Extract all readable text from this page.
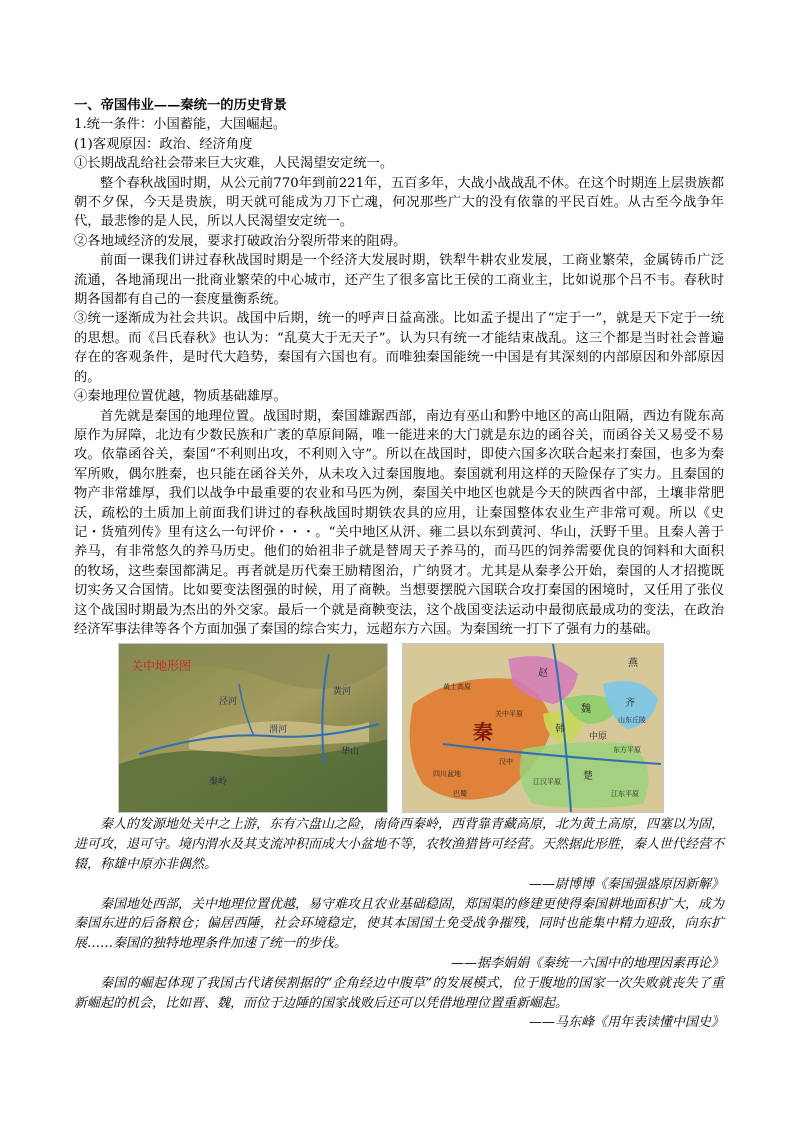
一、帝国伟业——秦统一的历史背景

1.统一条件：小国蓄能，大国崛起。

(1)客观原因：政治、经济角度

①长期战乱给社会带来巨大灾难，人民渴望安定统一。

整个春秋战国时期，从公元前770年到前221年，五百多年，大战小战战乱不休。在这个时期连上层贵族都朝不夕保，今天是贵族，明天就可能成为刀下亡魂，何况那些广大的没有依靠的平民百姓。从古至今战争年代，最悲惨的是人民，所以人民渴望安定统一。

②各地域经济的发展，要求打破政治分裂所带来的阻碍。

前面一课我们讲过春秋战国时期是一个经济大发展时期，铁犁牛耕农业发展，工商业繁荣，金属铸币广泛流通，各地涌现出一批商业繁荣的中心城市，还产生了很多富比王侯的工商业主，比如说那个吕不韦。春秋时期各国都有自己的一套度量衡系统。

③统一逐渐成为社会共识。战国中后期，统一的呼声日益高涨。比如孟子提出了“定于一”，就是天下定于一统的思想。而《吕氏春秋》也认为：“乱莫大于无天子”。认为只有统一才能结束战乱。这三个都是当时社会普遍存在的客观条件，是时代大趋势，秦国有六国也有。而唯独秦国能统一中国是有其深刻的内部原因和外部原因的。

④秦地理位置优越，物质基础雄厚。

首先就是秦国的地理位置。战国时期，秦国雄踞西部，南边有巫山和黔中地区的高山阻隔，西边有陇东高原作为屏障，北边有少数民族和广袤的草原间隔，唯一能进来的大门就是东边的函谷关，而函谷关又易受不易攻。依靠函谷关，秦国“不利则出攻，不利则入守”。所以在战国时，即使六国多次联合起来打秦国，也多为秦军所败，偶尔胜秦，也只能在函谷关外，从未攻入过秦国腹地。秦国就利用这样的天险保存了实力。且秦国的物产非常雄厚，我们以战争中最重要的农业和马匹为例，秦国关中地区也就是今天的陕西省中部，土壤非常肥沃，疏松的土质加上前面我们讲过的春秋战国时期铁农具的应用，让秦国整体农业生产非常可观。所以《史记・货殖列传》里有这么一句评价・・・。“关中地区从汧、雍二县以东到黄河、华山，沃野千里。且秦人善于养马，有非常悠久的养马历史。他们的始祖非子就是替周天子养马的，而马匹的饲养需要优良的饲料和大面积的牧场，这些秦国都满足。再者就是历代秦王励精图治，广纳贤才。尤其是从秦孝公开始，秦国的人才招揽既切实务又合国情。比如要变法图强的时候，用了商鞅。当想要摆脱六国联合攻打秦国的困境时，又任用了张仪这个战国时期最为杰出的外交家。最后一个就是商鞅变法，这个战国变法运动中最彻底最成功的变法，在政治经济军事法律等各个方面加强了秦国的综合实力，远超东方六国。为秦国统一打下了强有力的基础。

关中地形图
黄河
渭河
泾河
华山
秦岭
秦	韩
魏
赵
楚
齐
燕
中原
关中平原
四川盆地
汉中
黄土高原
东方平原
江汉平原
巴蜀
山东丘陵
江东平原

秦人的发源地处关中之上游，东有六盘山之险，南倚西秦岭，西背靠青藏高原，北为黄土高原，四塞以为固，进可攻，退可守。境内渭水及其支流冲积而成大小盆地不等，农牧渔猎皆可经营。天然据此形胜，秦人世代经营不辍，称雄中原亦非偶然。

——尉博博《秦国强盛原因新解》

秦国地处西部，关中地理位置优越，易守难攻且农业基础稳固，郑国渠的修建更使得秦国耕地面积扩大，成为秦国东进的后备粮仓；偏居西陲，社会环境稳定，使其本国国土免受战争摧残，同时也能集中精力迎敌，向东扩展……秦国的独特地理条件加速了统一的步伐。

——据李娟娟《秦统一六国中的地理因素再论》

秦国的崛起体现了我国古代诸侯割据的“企角经边中腹草”的发展模式，位于腹地的国家一次失败就丧失了重新崛起的机会，比如晋、魏，而位于边陲的国家战败后还可以凭借地理位置重新崛起。

——马东峰《用年表读懂中国史》
